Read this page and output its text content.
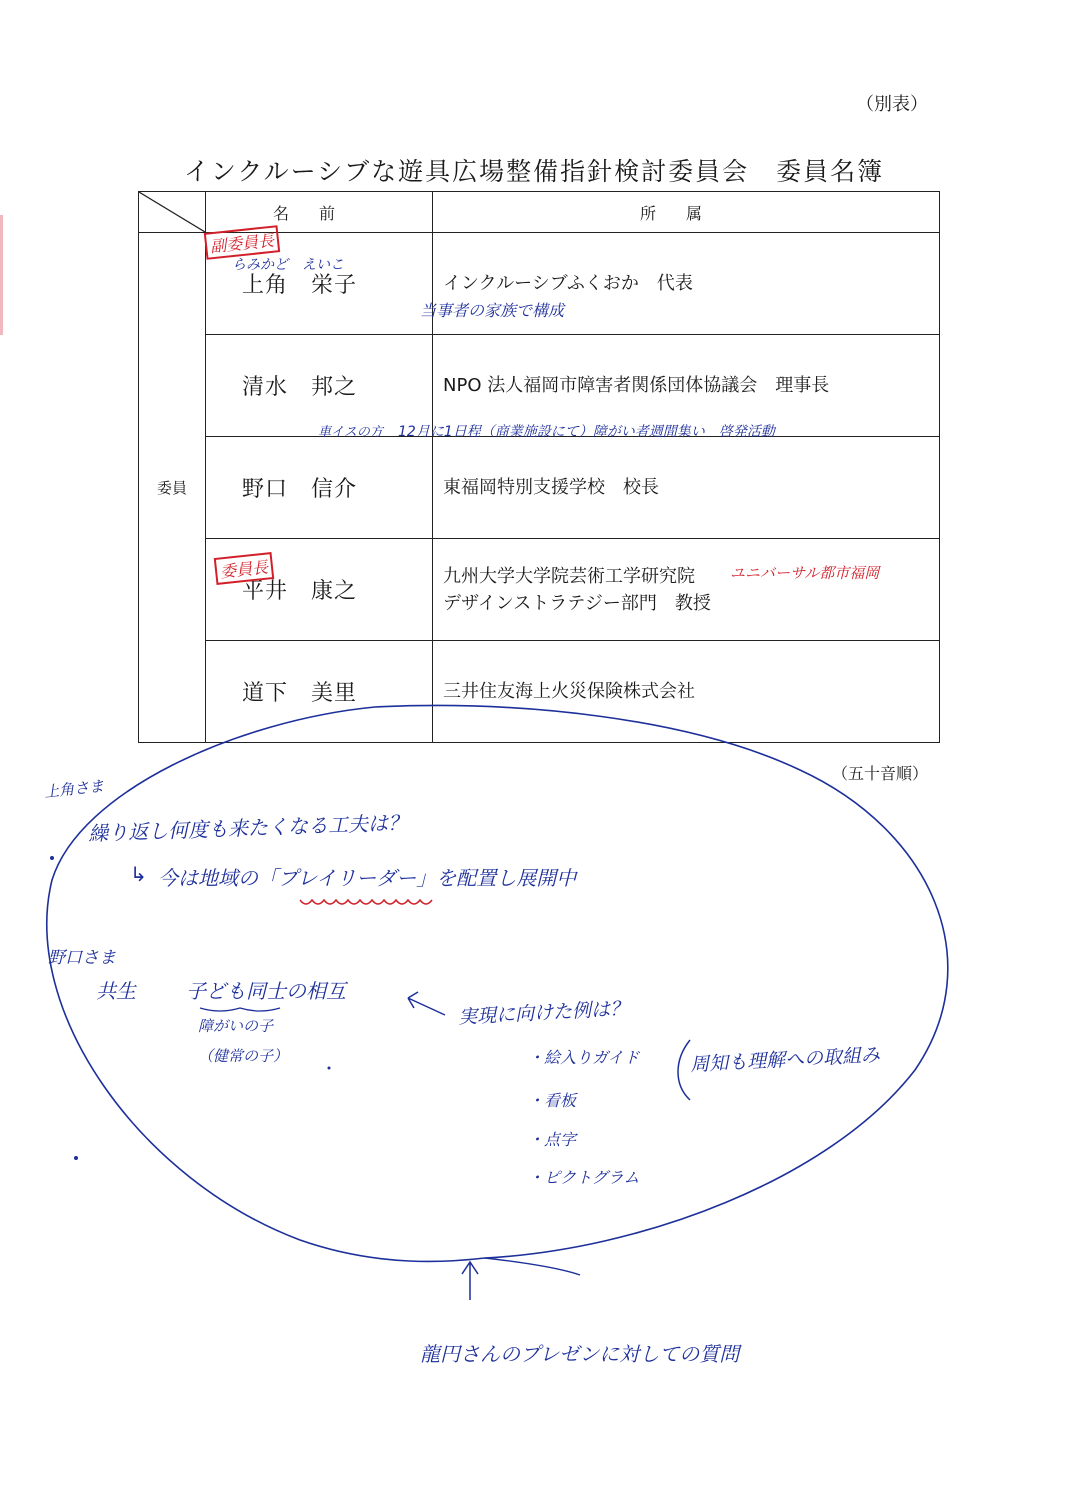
（別表）
インクルーシブな遊具広場整備指針検討委員会　委員名簿
	名前	所属
委員	上角　栄子	インクルーシブふくおか　代表
	清水　邦之	NPO 法人福岡市障害者関係団体協議会　理事長
	野口　信介	東福岡特別支援学校　校長
	平井　康之	九州大学大学院芸術工学研究院
デザインストラテジー部門　教授
	道下　美里	三井住友海上火災保険株式会社
（五十音順）
副委員長
らみかど　えいこ
当事者の家族で構成
車イスの方 12月に1日程（商業施設にて）障がい者週間集い　啓発活動
委員長	ユニバーサル都市福岡
上角さま
繰り返し何度も来たくなる工夫は？
↳ 今は地域の「プレイリーダー」を配置し展開中
野口さま
共生	子ども同士の相互
障がいの子
（健常の子）
実現に向けた例は？
・絵入りガイド
・看板
・点字
・ピクトグラム
周知も理解への取組み
龍円さんのプレゼンに対しての質問
